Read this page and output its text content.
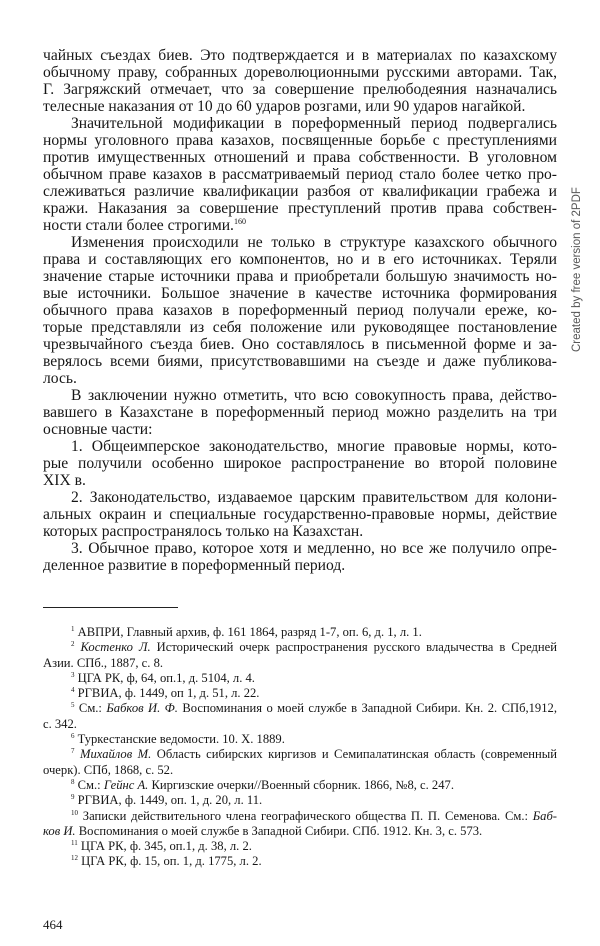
чайных съездах биев. Это подтверждается и в материалах по казахскому
обычному праву, собранных дореволюционными русскими авторами. Так,
Г. Загряжский отмечает, что за совершение прелюбодеяния назначались
телесные наказания от 10 до 60 ударов розгами, или 90 ударов нагайкой.
Значительной модификации в пореформенный период подвергались
нормы уголовного права казахов, посвященные борьбе с преступлениями
против имущественных отношений и права собственности. В уголовном
обычном праве казахов в рассматриваемый период стало более четко про-
слеживаться различие квалификации разбоя от квалификации грабежа и
кражи. Наказания за совершение преступлений против права собствен-
ности стали более строгими.$^{160}$
Изменения происходили не только в структуре казахского обычного
права и составляющих его компонентов, но и в его источниках. Теряли
значение старые источники права и приобретали большую значимость но-
вые источники. Большое значение в качестве источника формирования
обычного права казахов в пореформенный период получали ереже, ко-
торые представляли из себя положение или руководящее постановление
чрезвычайного съезда биев. Оно составлялось в письменной форме и за-
верялось всеми биями, присутствовавшими на съезде и даже публикова-
лось.
В заключении нужно отметить, что всю совокупность права, действо-
вавшего в Казахстане в пореформенный период можно разделить на три
основные части:
1. Общеимперское законодательство, многие правовые нормы, кото-
рые получили особенно широкое распространение во второй половине
XIX в.
2. Законодательство, издаваемое царским правительством для колони-
альных окраин и специальные государственно-правовые нормы, действие
которых распространялось только на Казахстан.
3. Обычное право, которое хотя и медленно, но все же получило опре-
деленное развитие в пореформенный период.
$^1$ АВПРИ, Главный архив, ф. 161 1864, разряд 1-7, оп. 6, д. 1, л. 1.
$^2$ Костенко Л. Исторический очерк распространения русского владычества в Средней
Азии. СПб., 1887, с. 8.
$^3$ ЦГА РК, ф, 64, оп.1, д. 5104, л. 4.
$^4$ РГВИА, ф. 1449, оп 1, д. 51, л. 22.
$^5$ См.: Бабков И. Ф. Воспоминания о моей службе в Западной Сибири. Кн. 2. СПб,1912,
с. 342.
$^6$ Туркестанские ведомости. 10. X. 1889.
$^7$ Михайлов М. Область сибирских киргизов и Семипалатинская область (современный
очерк). СПб, 1868, с. 52.
$^8$ См.: Гейнс А. Киргизские очерки//Военный сборник. 1866, №8, с. 247.
$^9$ РГВИА, ф. 1449, оп. 1, д. 20, л. 11.
$^{10}$ Записки действительного члена географического общества П. П. Семенова. См.: Баб-
ков И. Воспоминания о моей службе в Западной Сибири. СПб. 1912. Кн. 3, с. 573.
$^{11}$ ЦГА РК, ф. 345, оп.1, д. 38, л. 2.
$^{12}$ ЦГА РК, ф. 15, оп. 1, д. 1775, л. 2.
464
Created by free version of 2PDF
